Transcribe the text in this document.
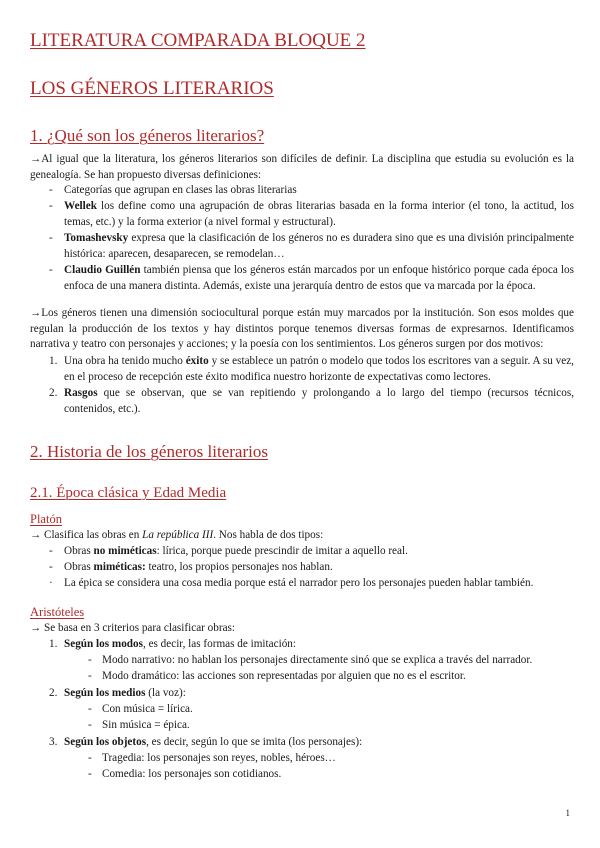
LITERATURA COMPARADA BLOQUE 2
LOS GÉNEROS LITERARIOS
1. ¿Qué son los géneros literarios?
→Al igual que la literatura, los géneros literarios son difíciles de definir. La disciplina que estudia su evolución es la genealogía. Se han propuesto diversas definiciones:
- Categorías que agrupan en clases las obras literarias
- Wellek los define como una agrupación de obras literarias basada en la forma interior (el tono, la actitud, los temas, etc.) y la forma exterior (a nivel formal y estructural).
- Tomashevsky expresa que la clasificación de los géneros no es duradera sino que es una división principalmente histórica: aparecen, desaparecen, se remodelan…
- Claudio Guillén también piensa que los géneros están marcados por un enfoque histórico porque cada época los enfoca de una manera distinta. Además, existe una jerarquía dentro de estos que va marcada por la época.
→Los géneros tienen una dimensión sociocultural porque están muy marcados por la institución. Son esos moldes que regulan la producción de los textos y hay distintos porque tenemos diversas formas de expresarnos. Identificamos narrativa y teatro con personajes y acciones; y la poesía con los sentimientos. Los géneros surgen por dos motivos:
1. Una obra ha tenido mucho éxito y se establece un patrón o modelo que todos los escritores van a seguir. A su vez, en el proceso de recepción este éxito modifica nuestro horizonte de expectativas como lectores.
2. Rasgos que se observan, que se van repitiendo y prolongando a lo largo del tiempo (recursos técnicos, contenidos, etc.).
2. Historia de los géneros literarios
2.1. Época clásica y Edad Media
Platón
→ Clasifica las obras en La república III. Nos habla de dos tipos:
- Obras no miméticas: lírica, porque puede prescindir de imitar a aquello real.
- Obras miméticas: teatro, los propios personajes nos hablan.
· La épica se considera una cosa media porque está el narrador pero los personajes pueden hablar también.
Aristóteles
→ Se basa en 3 criterios para clasificar obras:
1. Según los modos, es decir, las formas de imitación:
- Modo narrativo: no hablan los personajes directamente sinó que se explica a través del narrador.
- Modo dramático: las acciones son representadas por alguien que no es el escritor.
2. Según los medios (la voz):
- Con música = lírica.
- Sin música = épica.
3. Según los objetos, es decir, según lo que se imita (los personajes):
- Tragedia: los personajes son reyes, nobles, héroes…
- Comedia: los personajes son cotidianos.
1
